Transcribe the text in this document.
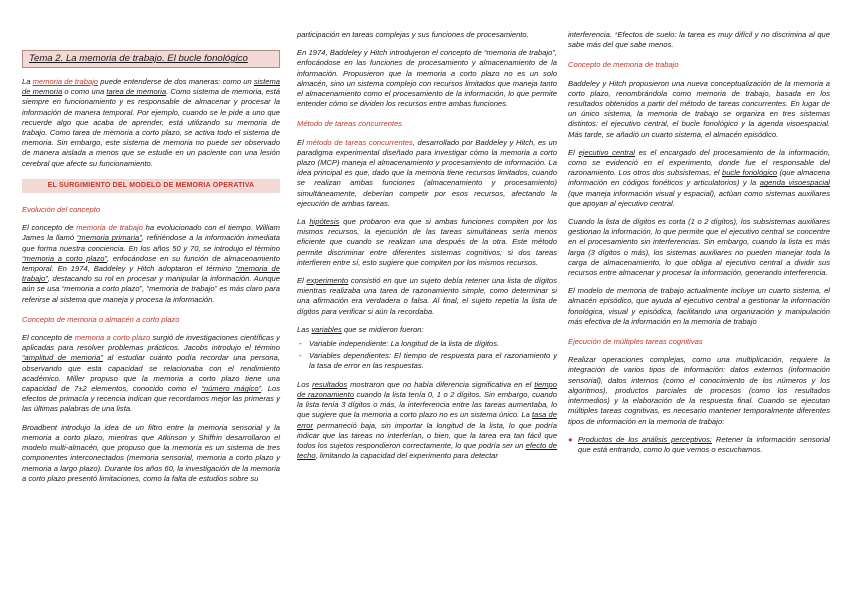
Tema 2. La memoria de trabajo. El bucle fonológico

La memoria de trabajo puede entenderse de dos maneras: como un sistema de memoria o como una tarea de memoria. Como sistema de memoria, está siempre en funcionamiento y es responsable de almacenar y procesar la información de manera temporal. Por ejemplo, cuando se le pide a uno que recuerde algo que acaba de aprender, está utilizando su memoria de trabajo. Como tarea de memoria a corto plazo, se activa todo el sistema de memoria. Sin embargo, este sistema de memoria no puede ser observado de manera aislada a menos que se estudie en un paciente con una lesión cerebral que afecte su funcionamiento.

EL SURGIMIENTO DEL MODELO DE MEMORIA OPERATIVA
Evolución del concepto

El concepto de memoria de trabajo ha evolucionado con el tiempo. William James la llamó “memoria primaria”, refiriéndose a la información inmediata que forma nuestra conciencia. En los años 50 y 70, se introdujo el término “memoria a corto plazo”, enfocándose en su función de almacenamiento temporal. En 1974, Baddeley y Hitch adoptaron el término “memoria de trabajo”, destacando su rol en procesar y manipular la información. Aunque aún se usa “memoria a corto plazo”, “memoria de trabajo” es más claro para referirse al sistema que maneja y procesa la información.

Concepto de memoria o almacén a corto plazo

El concepto de memoria a corto plazo surgió de investigaciones científicas y aplicadas para resolver problemas prácticos. Jacobs introdujo el término “amplitud de memoria” al estudiar cuánto podía recordar una persona, observando que esta capacidad se relacionaba con el rendimiento académico. Miller propuso que la memoria a corto plazo tiene una capacidad de 7±2 elementos, conocido como el “número mágico”. Los efectos de primacía y recencia indican que recordamos mejor las primeras y las últimas palabras de una lista.

Broadbent introdujo la idea de un filtro entre la memoria sensorial y la memoria a corto plazo, mientras que Atkinson y Shiffrin desarrollaron el modelo multi-almacén, que propuso que la memoria es un sistema de tres componentes interconectados (memoria sensorial, memoria a corto plazo y memoria a largo plazo). Durante los años 60, la investigación de la memoria a corto plazo presentó limitaciones, como la falta de estudios sobre su

participación en tareas complejas y sus funciones de procesamiento.

En 1974, Baddeley y Hitch introdujeron el concepto de “memoria de trabajo”, enfocándose en las funciones de procesamiento y almacenamiento de la información. Propusieron que la memoria a corto plazo no es un solo almacén, sino un sistema complejo con recursos limitados que maneja tanto el almacenamiento como el procesamiento de la información, lo que permite entender cómo se dividen los recursos entre ambas funciones.

Método de tareas concurrentes

El método de tareas concurrentes, desarrollado por Baddeley y Hitch, es un paradigma experimental diseñado para investigar cómo la memoria a corto plazo (MCP) maneja el almacenamiento y procesamiento de información. La idea principal es que, dado que la memoria tiene recursos limitados, cuando se realizan ambas funciones (almacenamiento y procesamiento) simultáneamente, deberían competir por esos recursos, afectando la ejecución de ambas tareas.

La hipótesis que probaron era que si ambas funciones compiten por los mismos recursos, la ejecución de las tareas simultáneas sería menos eficiente que cuando se realizan una después de la otra. Este método permite discriminar entre diferentes sistemas cognitivos; si dos tareas interfieren entre sí, esto sugiere que compiten por los mismos recursos.

El experimento consistió en que un sujeto debía retener una lista de dígitos mientras realizaba una tarea de razonamiento simple, como determinar si una afirmación era verdadera o falsa. Al final, el sujeto repetía la lista de dígitos para verificar si aún la recordaba.

Las variables que se midieron fueron:
- Variable independiente: La longitud de la lista de dígitos.
- Variables dependientes: El tiempo de respuesta para el razonamiento y la tasa de error en las respuestas.

Los resultados mostraron que no había diferencia significativa en el tiempo de razonamiento cuando la lista tenía 0, 1 o 2 dígitos. Sin embargo, cuando la lista tenía 3 dígitos o más, la interferencia entre las tareas aumentaba, lo que sugiere que la memoria a corto plazo no es un sistema único. La tasa de error permaneció baja, sin importar la longitud de la lista, lo que podría indicar que las tareas no interferían, o bien, que la tarea era tan fácil que todos los sujetos respondieron correctamente, lo que podría ser un efecto de techo, limitando la capacidad del experimento para detectar

interferencia. *Efectos de suelo: la tarea es muy difícil y no discrimina al que sabe más del que sabe menos.

Concepto de memoria de trabajo

Baddeley y Hitch propusieron una nueva conceptualización de la memoria a corto plazo, renombrándola como memoria de trabajo, basada en los resultados obtenidos a partir del método de tareas concurrentes. En lugar de un único sistema, la memoria de trabajo se organiza en tres sistemas distintos: el ejecutivo central, el bucle fonológico y la agenda visoespacial. Más tarde, se añadió un cuarto sistema, el almacén episódico.

El ejecutivo central es el encargado del procesamiento de la información, como se evidenció en el experimento, donde fue el responsable del razonamiento. Los otros dos subsistemas, el bucle fonológico (que almacena información en códigos fonéticos y articulatorios) y la agenda visoespacial (que maneja información visual y espacial), actúan como sistemas auxiliares que apoyan al ejecutivo central.

Cuando la lista de dígitos es corta (1 o 2 dígitos), los subsistemas auxiliares gestionan la información, lo que permite que el ejecutivo central se concentre en el procesamiento sin interferencias. Sin embargo, cuando la lista es más larga (3 dígitos o más), los sistemas auxiliares no pueden manejar toda la carga de almacenamiento, lo que obliga al ejecutivo central a dividir sus recursos entre almacenar y procesar la información, generando interferencia.

El modelo de memoria de trabajo actualmente incluye un cuarto sistema, el almacén episódico, que ayuda al ejecutivo central a gestionar la información fonológica, visual y episódica, facilitando una organización y manipulación más efectiva de la información en la memoria de trabajo

Ejecución de múltiples tareas cognitivas

Realizar operaciones complejas, como una multiplicación, requiere la integración de varios tipos de información: datos externos (información sensorial), datos internos (como el conocimiento de los números y los algoritmos), productos parciales de procesos (como los resultados intermedios) y la elaboración de la respuesta final. Cuando se ejecutan múltiples tareas cognitivas, es necesario mantener temporalmente diferentes tipos de información en la memoria de trabajo:

● Productos de los análisis perceptivos: Retener la información sensorial que está entrando, como lo que vemos o escuchamos.
